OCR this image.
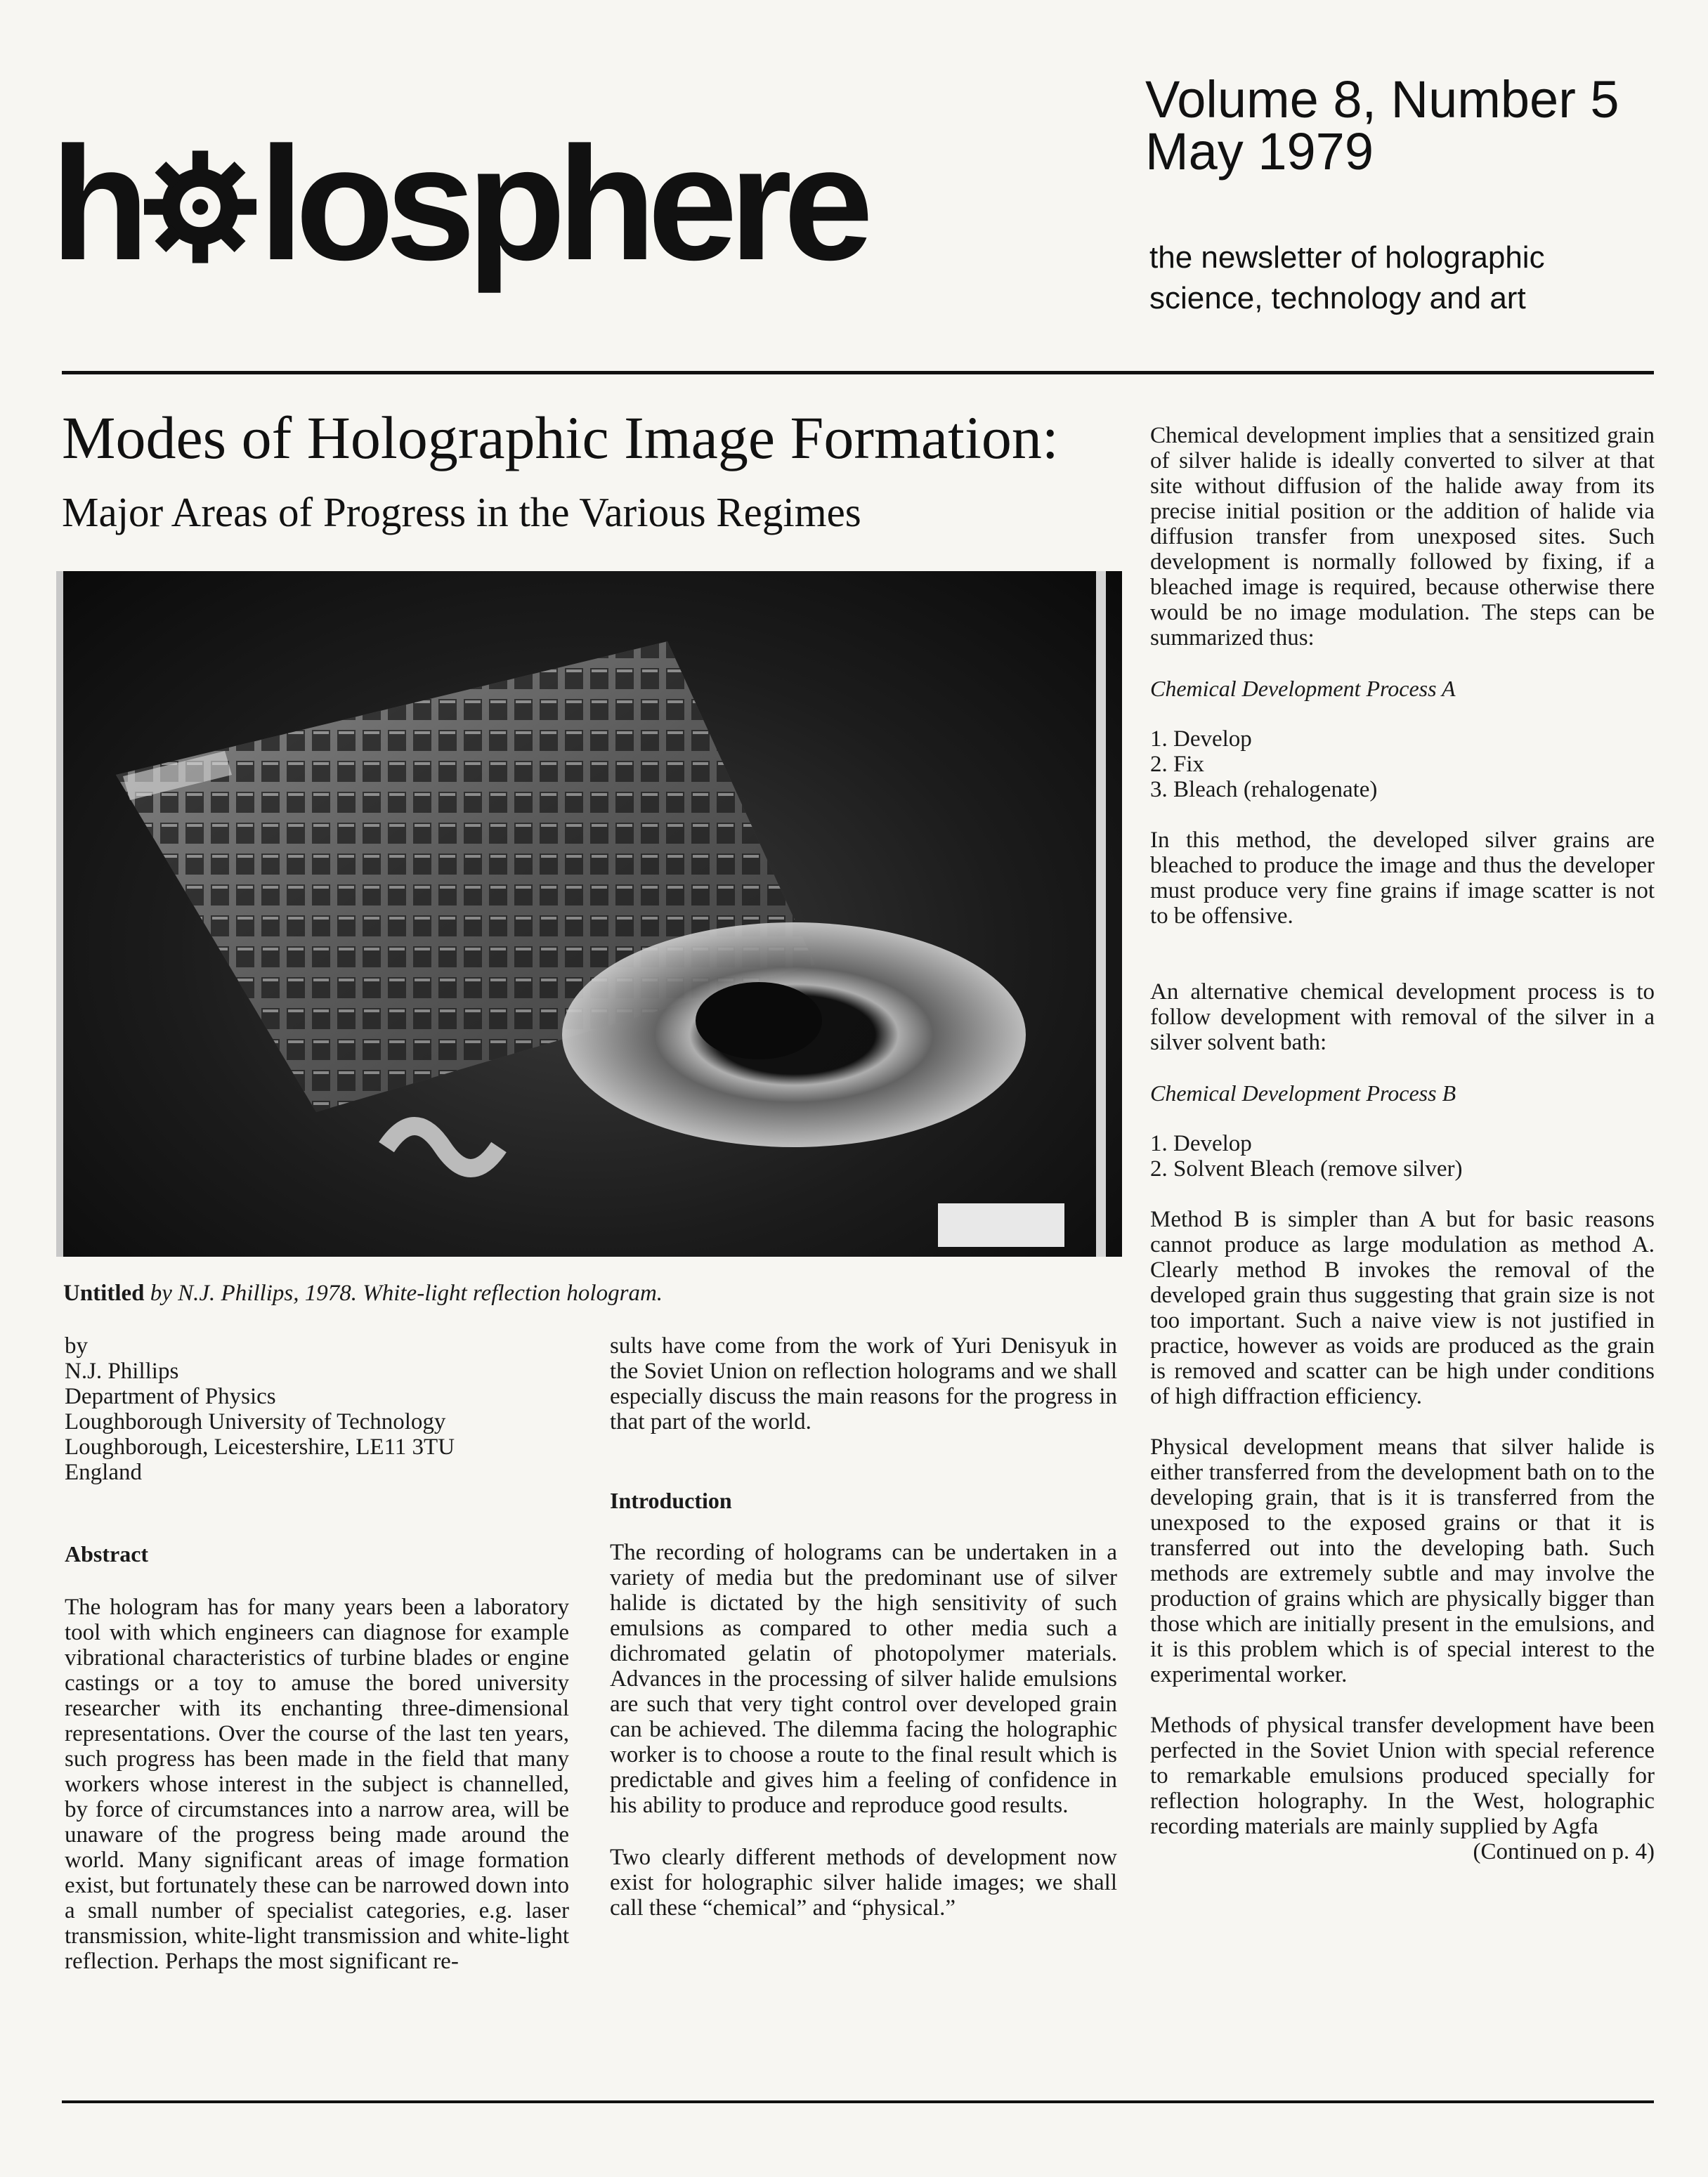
h losphere
Volume 8, Number 5
May 1979
the newsletter of holographic
science, technology and art
Modes of Holographic Image Formation:
Major Areas of Progress in the Various Regimes
Untitled by N.J. Phillips, 1978. White-light reflection hologram.
by
N.J. Phillips
Department of Physics
Loughborough University of Technology
Loughborough, Leicestershire, LE11 3TU
England
Abstract

The hologram has for many years been a laboratory tool with which engineers can diagnose for example vibrational characteristics of turbine blades or engine castings or a toy to amuse the bored university researcher with its enchanting three-dimensional representations. Over the course of the last ten years, such progress has been made in the field that many workers whose interest in the subject is channelled, by force of circumstances into a narrow area, will be unaware of the progress being made around the world. Many significant areas of image formation exist, but fortunately these can be narrowed down into a small number of specialist categories, e.g. laser transmission, white-light transmission and white-light reflection. Perhaps the most significant re-

sults have come from the work of Yuri Denisyuk in the Soviet Union on reflection holograms and we shall especially discuss the main reasons for the progress in that part of the world.

Introduction

The recording of holograms can be undertaken in a variety of media but the predominant use of silver halide is dictated by the high sensitivity of such emulsions as compared to other media such a dichromated gelatin of photopolymer materials. Advances in the processing of silver halide emulsions are such that very tight control over developed grain can be achieved. The dilemma facing the holographic worker is to choose a route to the final result which is predictable and gives him a feeling of confidence in his ability to produce and reproduce good results.

Two clearly different methods of development now exist for holographic silver halide images; we shall call these “chemical” and “physical.”

Chemical development implies that a sensitized grain of silver halide is ideally converted to silver at that site without diffusion of the halide away from its precise initial position or the addition of halide via diffusion transfer from unexposed sites. Such development is normally followed by fixing, if a bleached image is required, because otherwise there would be no image modulation. The steps can be summarized thus:

Chemical Development Process A
1. Develop
2. Fix
3. Bleach (rehalogenate)

In this method, the developed silver grains are bleached to produce the image and thus the developer must produce very fine grains if image scatter is not to be offensive.

An alternative chemical development process is to follow development with removal of the silver in a silver solvent bath:

Chemical Development Process B
1. Develop
2. Solvent Bleach (remove silver)

Method B is simpler than A but for basic reasons cannot produce as large modulation as method A. Clearly method B invokes the removal of the developed grain thus suggesting that grain size is not too important. Such a naive view is not justified in practice, however as voids are produced as the grain is removed and scatter can be high under conditions of high diffraction efficiency.

Physical development means that silver halide is either transferred from the development bath on to the developing grain, that is it is transferred from the unexposed to the exposed grains or that it is transferred out into the developing bath. Such methods are extremely subtle and may involve the production of grains which are physically bigger than those which are initially present in the emulsions, and it is this problem which is of special interest to the experimental worker.

Methods of physical transfer development have been perfected in the Soviet Union with special reference to remarkable emulsions produced specially for reflection holography. In the West, holographic recording materials are mainly supplied by Agfa

(Continued on p. 4)
